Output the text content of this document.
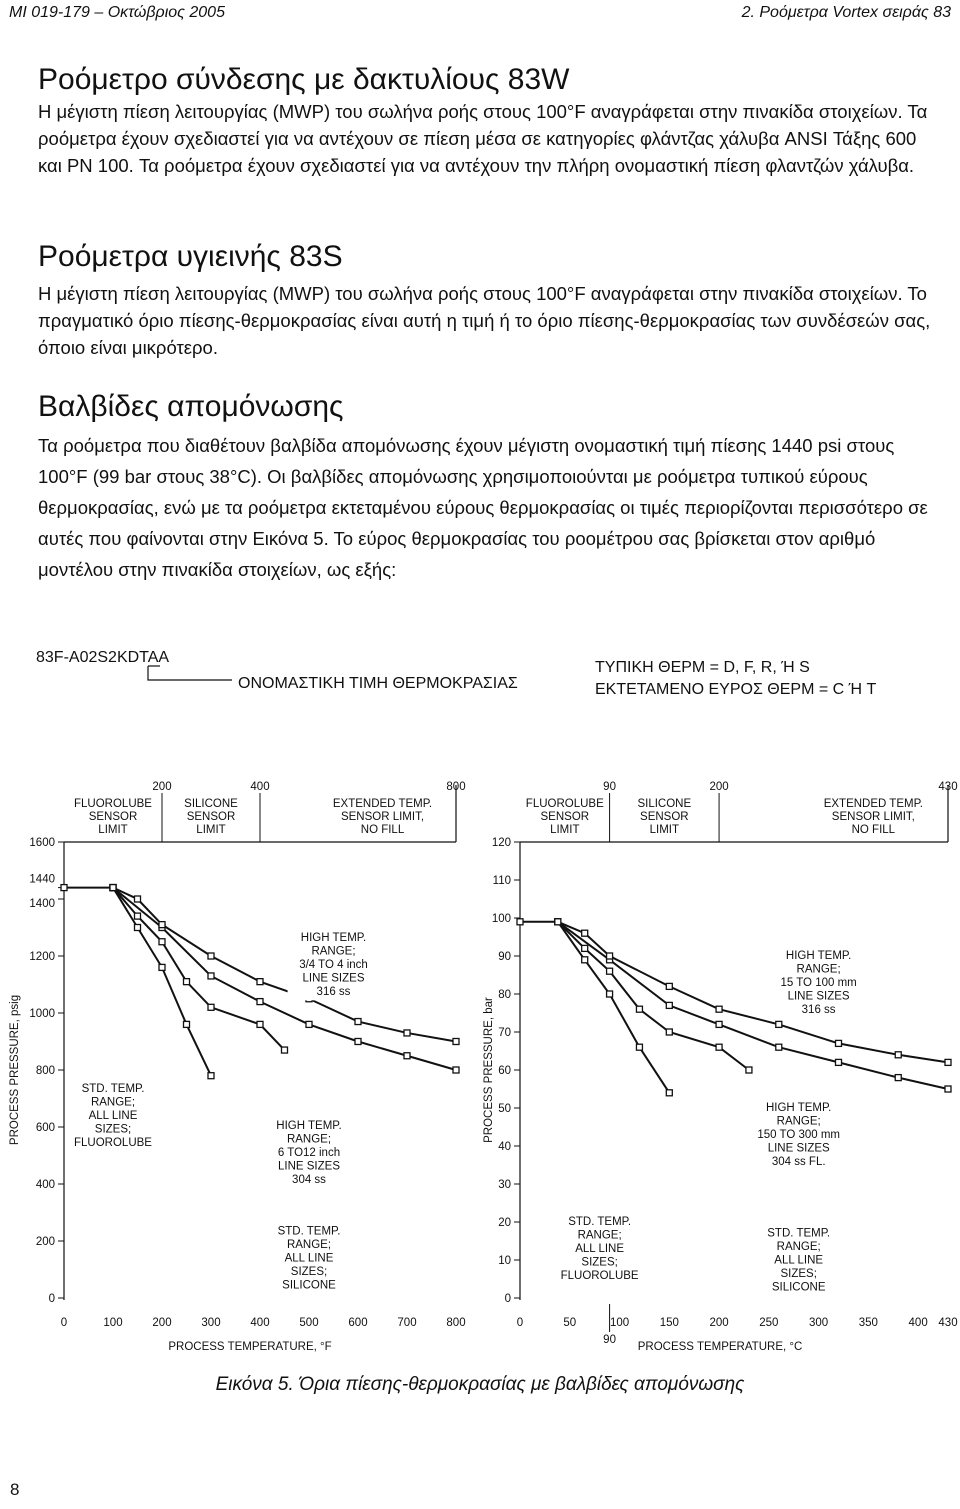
MI 019-179 – Οκτώβριος 2005	2. Ροόμετρα Vortex σειράς 83
Ροόμετρο σύνδεσης με δακτυλίους 83W

Η μέγιστη πίεση λειτουργίας (MWP) του σωλήνα ροής στους 100°F αναγράφεται στην πινακίδα στοιχείων. Τα ροόμετρα έχουν σχεδιαστεί για να αντέχουν σε πίεση μέσα σε κατηγορίες φλάντζας χάλυβα ANSI Τάξης 600 και PN 100. Τα ροόμετρα έχουν σχεδιαστεί για να αντέχουν την πλήρη ονομαστική πίεση φλαντζών χάλυβα.

Ροόμετρα υγιεινής 83S

Η μέγιστη πίεση λειτουργίας (MWP) του σωλήνα ροής στους 100°F αναγράφεται στην πινακίδα στοιχείων. Το πραγματικό όριο πίεσης-θερμοκρασίας είναι αυτή η τιμή ή το όριο πίεσης-θερμοκρασίας των συνδέσεών σας, όποιο είναι μικρότερο.

Βαλβίδες απομόνωσης

Τα ροόμετρα που διαθέτουν βαλβίδα απομόνωσης έχουν μέγιστη ονομαστική τιμή πίεσης 1440 psi στους 100°F (99 bar στους 38°C). Οι βαλβίδες απομόνωσης χρησιμοποιούνται με ροόμετρα τυπικού εύρους θερμοκρασίας, ενώ με τα ροόμετρα εκτεταμένου εύρους θερμοκρασίας οι τιμές περιορίζονται περισσότερο σε αυτές που φαίνονται στην Εικόνα 5. Το εύρος θερμοκρασίας του ροομέτρου σας βρίσκεται στον αριθμό μοντέλου στην πινακίδα στοιχείων, ως εξής:

83F-A02S2KDTAA
ΟΝΟΜΑΣΤΙΚΗ ΤΙΜΗ ΘΕΡΜΟΚΡΑΣΙΑΣ
ΤΥΠΙΚΗ ΘΕΡΜ = D, F, R, Ή S
ΕΚΤΕΤΑΜΕΝΟ ΕΥΡΟΣ ΘΕΡΜ = C Ή T
0
200
400
600
800
1000
1200
1400
1440
1600
0	100	200	300	400	500	600	700	800
200	400	800
FLUOROLUBE
SENSOR
LIMIT
SILICONE
SENSOR
LIMIT
EXTENDED TEMP.
SENSOR LIMIT,
NO FILL
PROCESS TEMPERATURE, °F
PROCESS PRESSURE, psig
HIGH TEMP.
RANGE;
3/4 TO 4 inch
LINE SIZES
316 ss
STD. TEMP.
RANGE;
ALL LINE
SIZES;
FLUOROLUBE
HIGH TEMP.
RANGE;
6 TO12 inch
LINE SIZES
304 ss
STD. TEMP.
RANGE;
ALL LINE
SIZES;
SILICONE
0
10
20
30
40
50
60
70
80
90
100
110
120
0	50	100	150	200	250	300	350	400 430
90
90	200	430
FLUOROLUBE
SENSOR
LIMIT
SILICONE
SENSOR
LIMIT
EXTENDED TEMP.
SENSOR LIMIT,
NO FILL
PROCESS TEMPERATURE, °C
PROCESS PRESSURE, bar
HIGH TEMP.
RANGE;
15 TO 100 mm
LINE SIZES
316 ss
STD. TEMP.
RANGE;
ALL LINE
SIZES;
FLUOROLUBE
HIGH TEMP.
RANGE;
150 TO 300 mm
LINE SIZES
304 ss FL.
STD. TEMP.
RANGE;
ALL LINE
SIZES;
SILICONE
Εικόνα 5. Όρια πίεσης-θερμοκρασίας με βαλβίδες απομόνωσης
8
